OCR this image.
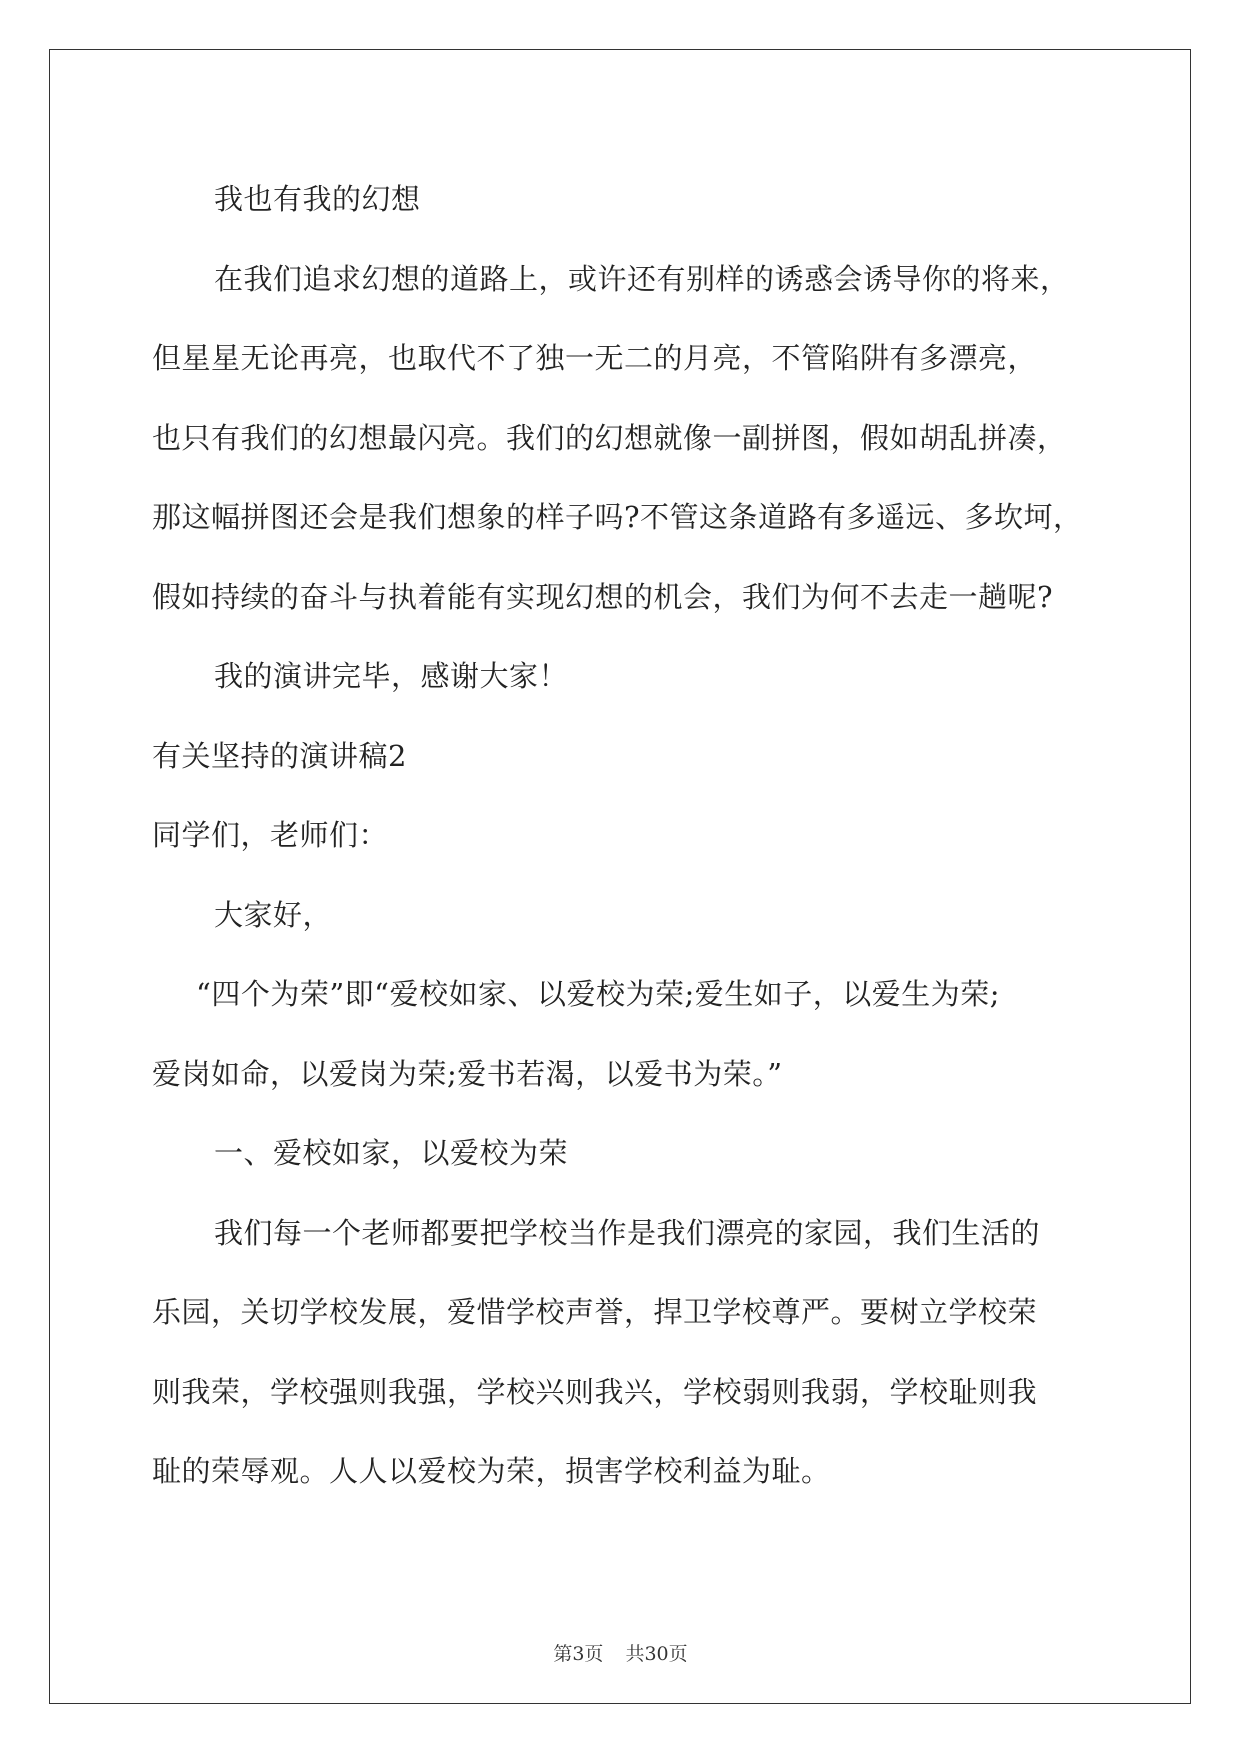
我也有我的幻想
在我们追求幻想的道路上，或许还有别样的诱惑会诱导你的将来，
但星星无论再亮，也取代不了独一无二的月亮，不管陷阱有多漂亮，
也只有我们的幻想最闪亮。我们的幻想就像一副拼图，假如胡乱拼凑，
那这幅拼图还会是我们想象的样子吗?不管这条道路有多遥远、多坎坷，
假如持续的奋斗与执着能有实现幻想的机会，我们为何不去走一趟呢?
我的演讲完毕，感谢大家！
有关坚持的演讲稿2
同学们，老师们：
大家好，
“四个为荣”即“爱校如家、以爱校为荣;爱生如子，以爱生为荣;
爱岗如命，以爱岗为荣;爱书若渴，以爱书为荣。”
一、爱校如家，以爱校为荣
我们每一个老师都要把学校当作是我们漂亮的家园，我们生活的
乐园，关切学校发展，爱惜学校声誉，捍卫学校尊严。要树立学校荣
则我荣，学校强则我强，学校兴则我兴，学校弱则我弱，学校耻则我
耻的荣辱观。人人以爱校为荣，损害学校利益为耻。
第3页 共30页
